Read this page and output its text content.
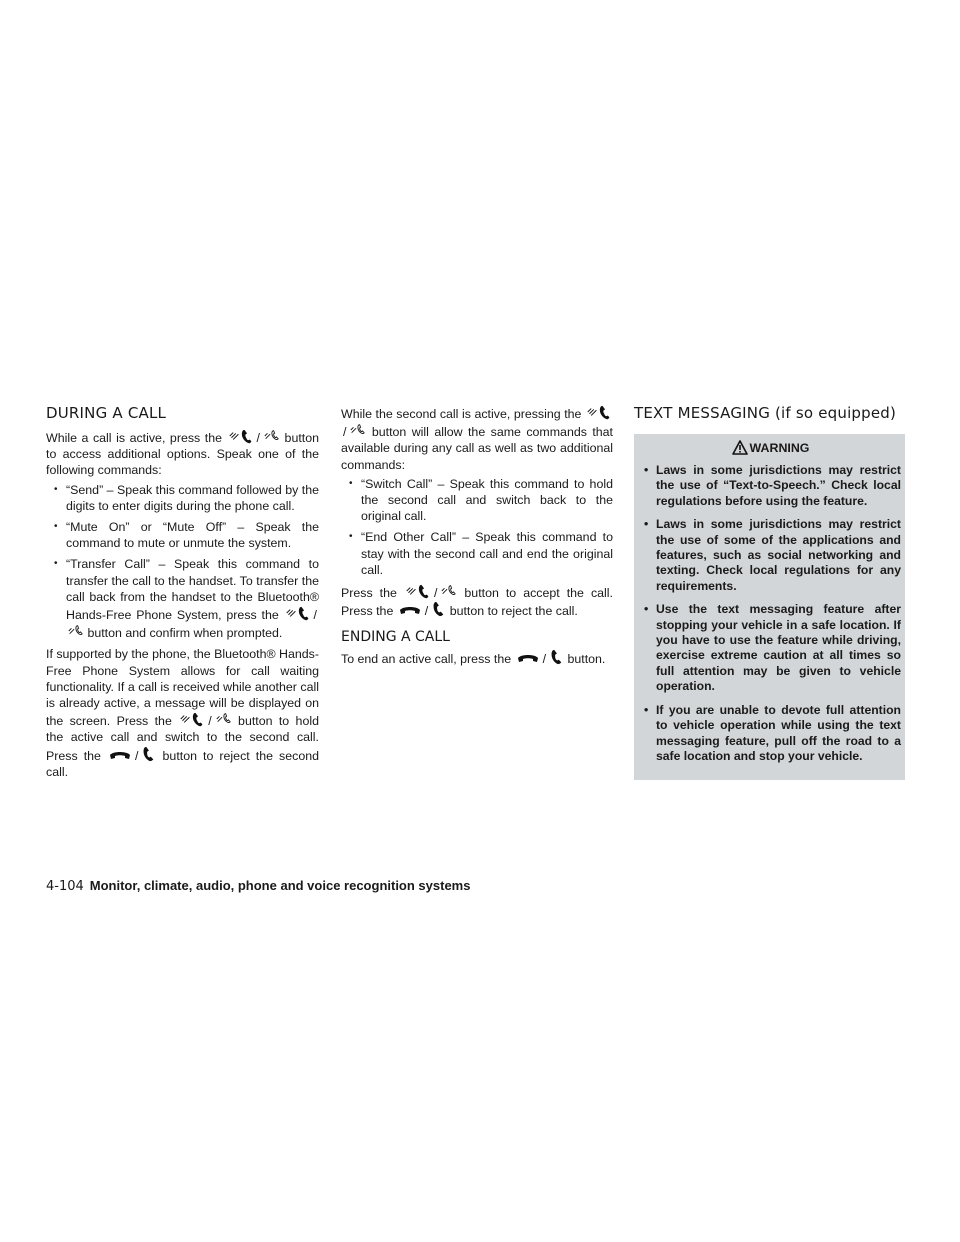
DURING A CALL

While a call is active, press the	/ button to access additional options. Speak one of the following commands:

• “Send” – Speak this command followed by the digits to enter digits during the phone call.
• “Mute On” or “Mute Off” – Speak the command to mute or unmute the system.
• “Transfer Call” – Speak this command to transfer the call to the handset. To transfer the call back from the handset to the Bluetooth® Hands-Free Phone System, press the	/ button and confirm when prompted.

If supported by the phone, the Bluetooth® Hands-Free Phone System allows for call waiting functionality. If a call is received while another call is already active, a message will be displayed on the screen. Press the	/ button to hold the active call and switch to the second call. Press the	/ button to reject the second call.

While the second call is active, pressing the / button will allow the same commands that available during any call as well as two additional commands:

• “Switch Call” – Speak this command to hold the second call and switch back to the original call.
• “End Other Call” – Speak this command to stay with the second call and end the original call.

Press the	/ button to accept the call. Press the	/ button to reject the call.

ENDING A CALL

To end an active call, press the	/ button.

TEXT MESSAGING (if so equipped)
WARNING
• Laws in some jurisdictions may restrict the use of “Text-to-Speech.” Check local regulations before using the feature.
• Laws in some jurisdictions may restrict the use of some of the applications and features, such as social networking and texting. Check local regulations for any requirements.
• Use the text messaging feature after stopping your vehicle in a safe location. If you have to use the feature while driving, exercise extreme caution at all times so full attention may be given to vehicle operation.
• If you are unable to devote full attention to vehicle operation while using the text messaging feature, pull off the road to a safe location and stop your vehicle.
4-104 Monitor, climate, audio, phone and voice recognition systems
